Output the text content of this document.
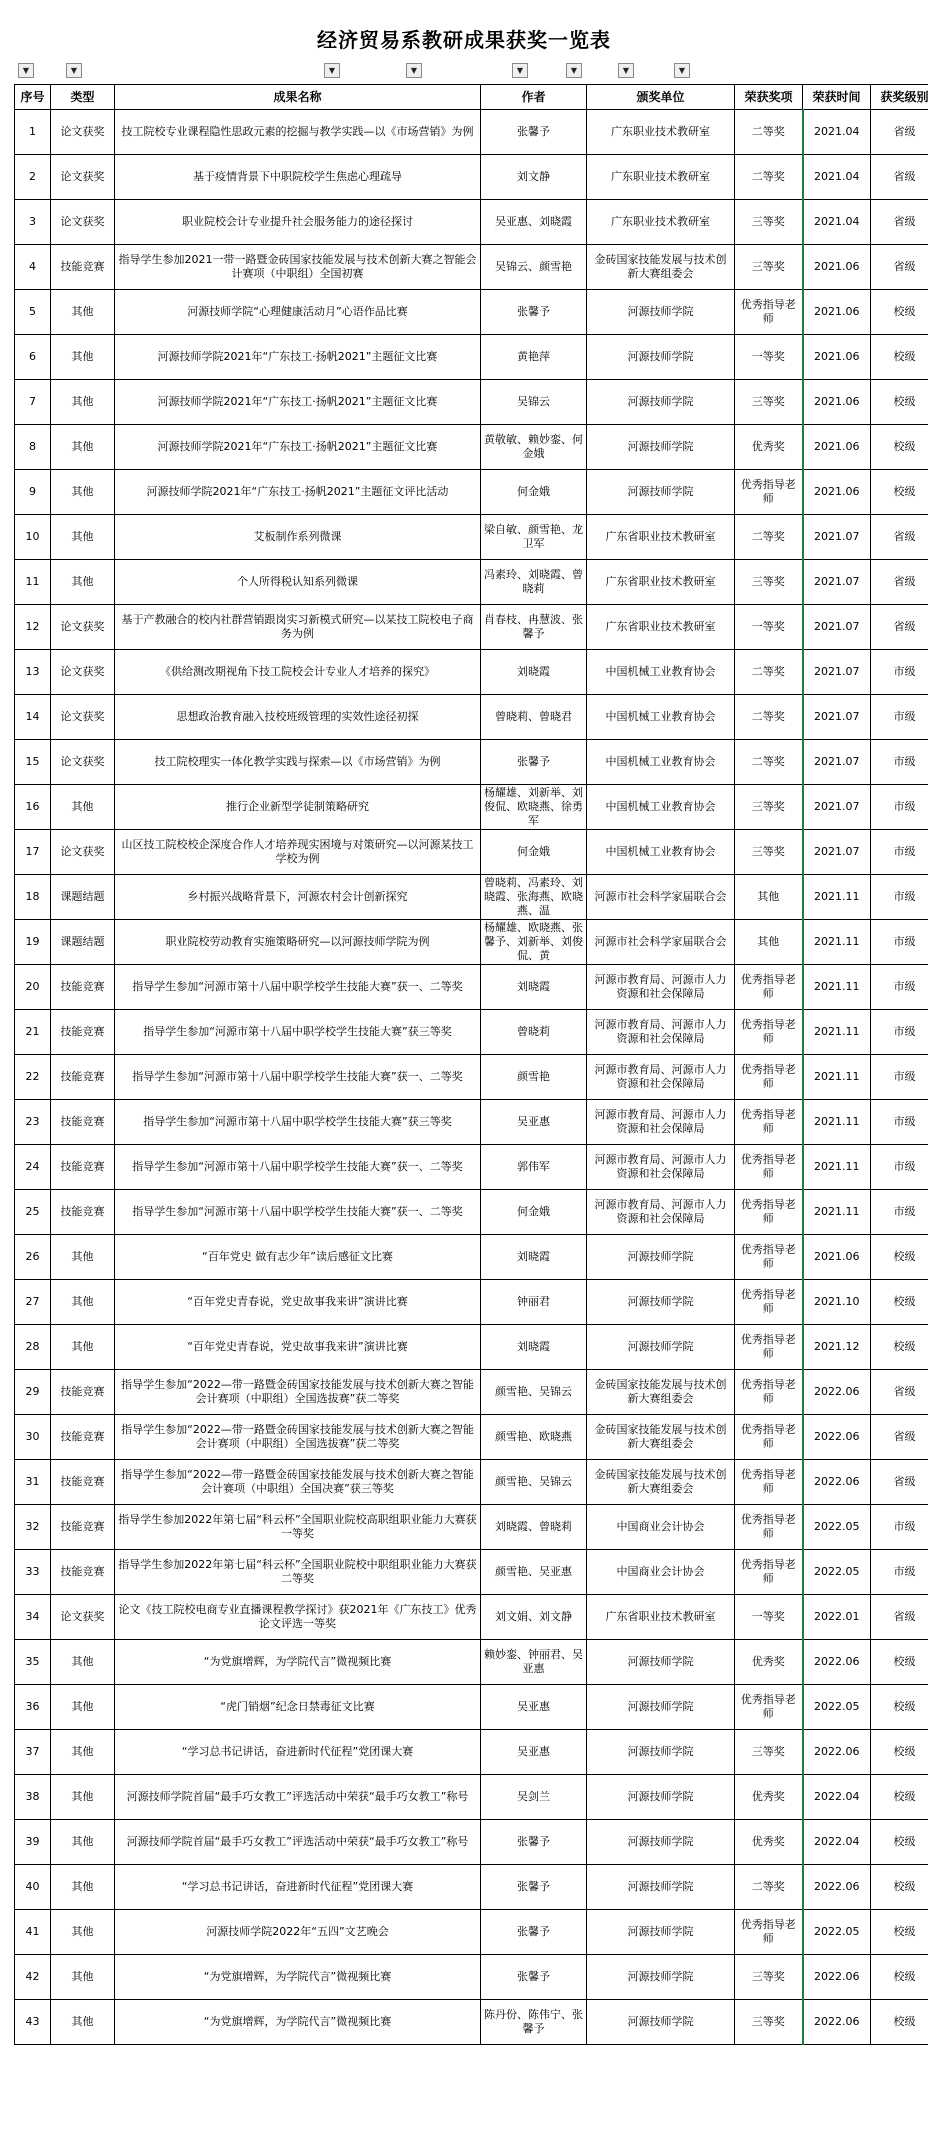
经济贸易系教研成果获奖一览表
▼	▼	▼	▼	▼	▼	▼	▼
序号	类型	成果名称	作者	颁奖单位	荣获奖项	荣获时间	获奖级别
1	论文获奖	技工院校专业课程隐性思政元素的挖掘与教学实践—以《市场营销》为例	张馨予	广东职业技术教研室	二等奖	2021.04	省级
2	论文获奖	基于疫情背景下中职院校学生焦虑心理疏导	刘文静	广东职业技术教研室	二等奖	2021.04	省级
3	论文获奖	职业院校会计专业提升社会服务能力的途径探讨	吴亚惠、刘晓霞	广东职业技术教研室	三等奖	2021.04	省级
4	技能竞赛	指导学生参加2021一带一路暨金砖国家技能发展与技术创新大赛之智能会计赛项（中职组）全国初赛	吴锦云、颜雪艳	金砖国家技能发展与技术创新大赛组委会	三等奖	2021.06	省级
5	其他	河源技师学院“心理健康活动月”心语作品比赛	张馨予	河源技师学院	优秀指导老师	2021.06	校级
6	其他	河源技师学院2021年“广东技工·扬帆2021”主题征文比赛	黄艳萍	河源技师学院	一等奖	2021.06	校级
7	其他	河源技师学院2021年“广东技工·扬帆2021”主题征文比赛	吴锦云	河源技师学院	三等奖	2021.06	校级
8	其他	河源技师学院2021年“广东技工·扬帆2021”主题征文比赛	黄敬敏、赖妙銮、何金娥	河源技师学院	优秀奖	2021.06	校级
9	其他	河源技师学院2021年“广东技工·扬帆2021”主题征文评比活动	何金娥	河源技师学院	优秀指导老师	2021.06	校级
10	其他	艾板制作系列微课	梁自敏、颜雪艳、龙卫军	广东省职业技术教研室	二等奖	2021.07	省级
11	其他	个人所得税认知系列微课	冯素玲、刘晓霞、曾晓莉	广东省职业技术教研室	三等奖	2021.07	省级
12	论文获奖	基于产教融合的校内社群营销跟岗实习新模式研究—以某技工院校电子商务为例	肖春枝、冉慧波、张馨予	广东省职业技术教研室	一等奖	2021.07	省级
13	论文获奖	《供给测改期视角下技工院校会计专业人才培养的探究》	刘晓霞	中国机械工业教育协会	二等奖	2021.07	市级
14	论文获奖	思想政治教育融入技校班级管理的实效性途径初探	曾晓莉、曾晓君	中国机械工业教育协会	二等奖	2021.07	市级
15	论文获奖	技工院校理实一体化教学实践与探索—以《市场营销》为例	张馨予	中国机械工业教育协会	二等奖	2021.07	市级
16	其他	推行企业新型学徒制策略研究	杨耀雄、刘新举、刘俊侃、欧晓燕、徐勇军	中国机械工业教育协会	三等奖	2021.07	市级
17	论文获奖	山区技工院校校企深度合作人才培养现实困境与对策研究—以河源某技工学校为例	何金娥	中国机械工业教育协会	三等奖	2021.07	市级
18	课题结题	乡村振兴战略背景下，河源农村会计创新探究	曾晓莉、冯素玲、刘晓霞、张海燕、欧晓燕、温	河源市社会科学家届联合会	其他	2021.11	市级
19	课题结题	职业院校劳动教育实施策略研究—以河源技师学院为例	杨耀雄、欧晓燕、张馨予、刘新举、刘俊侃、黄	河源市社会科学家届联合会	其他	2021.11	市级
20	技能竞赛	指导学生参加“河源市第十八届中职学校学生技能大赛”获一、二等奖	刘晓霞	河源市教育局、河源市人力资源和社会保障局	优秀指导老师	2021.11	市级
21	技能竞赛	指导学生参加“河源市第十八届中职学校学生技能大赛”获三等奖	曾晓莉	河源市教育局、河源市人力资源和社会保障局	优秀指导老师	2021.11	市级
22	技能竞赛	指导学生参加“河源市第十八届中职学校学生技能大赛”获一、二等奖	颜雪艳	河源市教育局、河源市人力资源和社会保障局	优秀指导老师	2021.11	市级
23	技能竞赛	指导学生参加“河源市第十八届中职学校学生技能大赛”获三等奖	吴亚惠	河源市教育局、河源市人力资源和社会保障局	优秀指导老师	2021.11	市级
24	技能竞赛	指导学生参加“河源市第十八届中职学校学生技能大赛”获一、二等奖	郭伟军	河源市教育局、河源市人力资源和社会保障局	优秀指导老师	2021.11	市级
25	技能竞赛	指导学生参加“河源市第十八届中职学校学生技能大赛”获一、二等奖	何金娥	河源市教育局、河源市人力资源和社会保障局	优秀指导老师	2021.11	市级
26	其他	“百年党史 做有志少年”读后感征文比赛	刘晓霞	河源技师学院	优秀指导老师	2021.06	校级
27	其他	“百年党史青春说，党史故事我来讲”演讲比赛	钟丽君	河源技师学院	优秀指导老师	2021.10	校级
28	其他	“百年党史青春说，党史故事我来讲”演讲比赛	刘晓霞	河源技师学院	优秀指导老师	2021.12	校级
29	技能竞赛	指导学生参加“2022—带一路暨金砖国家技能发展与技术创新大赛之智能会计赛项（中职组）全国选拔赛”获二等奖	颜雪艳、吴锦云	金砖国家技能发展与技术创新大赛组委会	优秀指导老师	2022.06	省级
30	技能竞赛	指导学生参加“2022—带一路暨金砖国家技能发展与技术创新大赛之智能会计赛项（中职组）全国选拔赛”获二等奖	颜雪艳、欧晓燕	金砖国家技能发展与技术创新大赛组委会	优秀指导老师	2022.06	省级
31	技能竞赛	指导学生参加“2022—带一路暨金砖国家技能发展与技术创新大赛之智能会计赛项（中职组）全国决赛”获三等奖	颜雪艳、吴锦云	金砖国家技能发展与技术创新大赛组委会	优秀指导老师	2022.06	省级
32	技能竞赛	指导学生参加2022年第七届“科云杯”全国职业院校高职组职业能力大赛获一等奖	刘晓霞、曾晓莉	中国商业会计协会	优秀指导老师	2022.05	市级
33	技能竞赛	指导学生参加2022年第七届“科云杯”全国职业院校中职组职业能力大赛获二等奖	颜雪艳、吴亚惠	中国商业会计协会	优秀指导老师	2022.05	市级
34	论文获奖	论文《技工院校电商专业直播课程教学探讨》获2021年《广东技工》优秀论文评选一等奖	刘文娟、刘文静	广东省职业技术教研室	一等奖	2022.01	省级
35	其他	“为党旗增辉，为学院代言”微视频比赛	赖妙銮、钟丽君、吴亚惠	河源技师学院	优秀奖	2022.06	校级
36	其他	“虎门销烟”纪念日禁毒征文比赛	吴亚惠	河源技师学院	优秀指导老师	2022.05	校级
37	其他	“学习总书记讲话，奋进新时代征程”党团课大赛	吴亚惠	河源技师学院	三等奖	2022.06	校级
38	其他	河源技师学院首届“最手巧女教工”评选活动中荣获“最手巧女教工”称号	吴剑兰	河源技师学院	优秀奖	2022.04	校级
39	其他	河源技师学院首届“最手巧女教工”评选活动中荣获“最手巧女教工”称号	张馨予	河源技师学院	优秀奖	2022.04	校级
40	其他	“学习总书记讲话，奋进新时代征程”党团课大赛	张馨予	河源技师学院	二等奖	2022.06	校级
41	其他	河源技师学院2022年“五四”文艺晚会	张馨予	河源技师学院	优秀指导老师	2022.05	校级
42	其他	“为党旗增辉，为学院代言”微视频比赛	张馨予	河源技师学院	三等奖	2022.06	校级
43	其他	“为党旗增辉，为学院代言”微视频比赛	陈丹份、陈伟宁、张馨予	河源技师学院	三等奖	2022.06	校级
